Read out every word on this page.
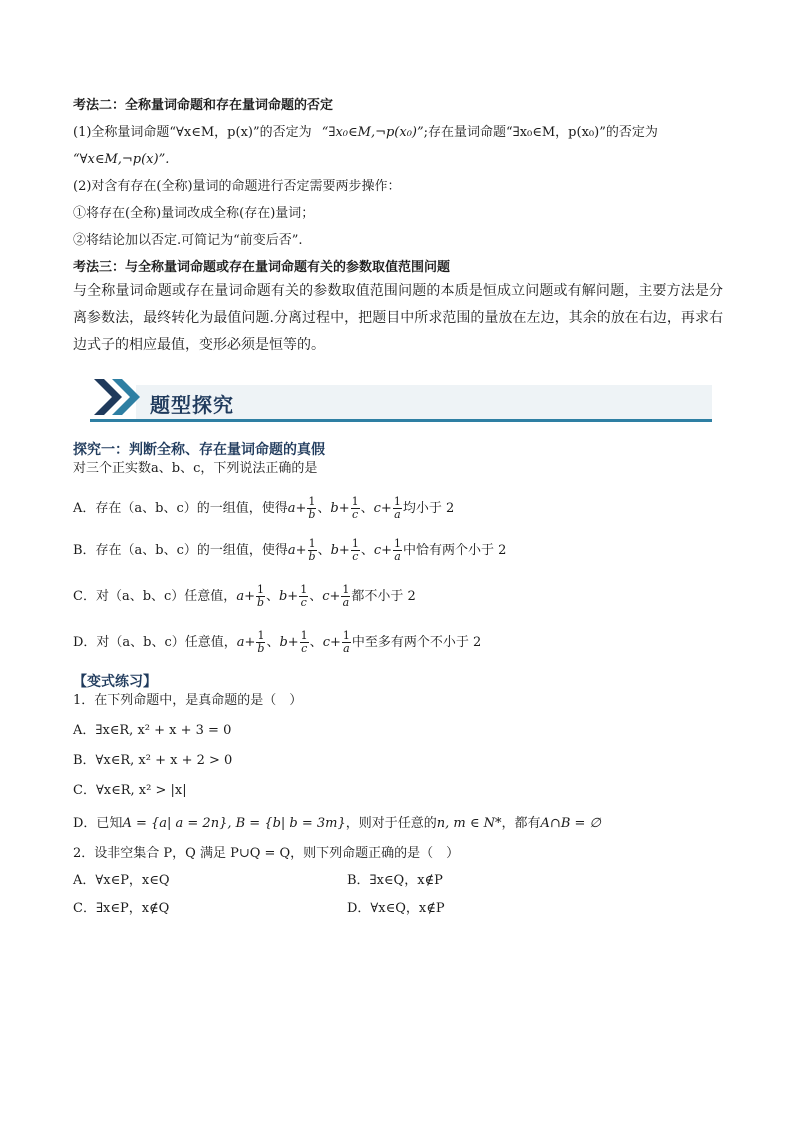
考法二：全称量词命题和存在量词命题的否定
(1)全称量词命题“∀x∈M，p(x)”的否定为 “∃x₀∈M,¬p(x₀)”;存在量词命题“∃x₀∈M，p(x₀)”的否定为
“∀x∈M,¬p(x)”.
(2)对含有存在(全称)量词的命题进行否定需要两步操作：
①将存在(全称)量词改成全称(存在)量词；
②将结论加以否定.可简记为“前变后否”.
考法三：与全称量词命题或存在量词命题有关的参数取值范围问题
与全称量词命题或存在量词命题有关的参数取值范围问题的本质是恒成立问题或有解问题，主要方法是分离参数法，最终转化为最值问题.分离过程中，把题目中所求范围的量放在左边，其余的放在右边，再求右边式子的相应最值，变形必须是恒等的。
题型探究
探究一：判断全称、存在量词命题的真假
对三个正实数a、b、c，下列说法正确的是
A．存在（a、b、c）的一组值，使得$a+ \frac{1}{b}$ 、$b+ \frac{1}{c}$ 、$c+ \frac{1}{a}$ 均小于 2
B．存在（a、b、c）的一组值，使得$a+ \frac{1}{b}$ 、$b+ \frac{1}{c}$ 、$c+ \frac{1}{a}$ 中恰有两个小于 2
C．对（a、b、c）任意值，$a+ \frac{1}{b}$ 、$b+ \frac{1}{c}$ 、$c+ \frac{1}{a}$ 都不小于 2
D．对（a、b、c）任意值，$a+ \frac{1}{b}$ 、$b+ \frac{1}{c}$ 、$c+ \frac{1}{a}$ 中至多有两个不小于 2
【变式练习】
1．在下列命题中，是真命题的是（　）
A．∃x∈R, x² + x + 3 = 0
B．∀x∈R, x² + x + 2 > 0
C．∀x∈R, x² > |x|
D．已知A = {a| a = 2n}, B = {b| b = 3m}，则对于任意的n, m ∈ N*，都有A∩B = ∅
2．设非空集合 P，Q 满足 P∪Q = Q，则下列命题正确的是（　）
A．∀x∈P，x∈Q	B．∃x∈Q，x∉P
C．∃x∈P，x∉Q	D．∀x∈Q，x∉P
